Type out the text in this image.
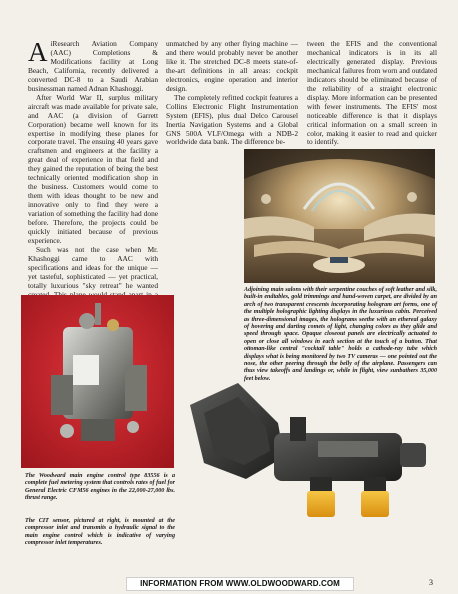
AiResearch Aviation Company (AAC) Completions & Modifications facility at Long Beach, California, recently delivered a converted DC-8 to a Saudi Arabian businessman named Adnan Khashoggi.

After World War II, surplus military aircraft was made available for private sale, and AAC (a division of Garrett Corporation) became well known for its expertise in modifying these planes for corporate travel. The ensuing 40 years gave craftsmen and engineers at the facility a great deal of experience in that field and they gained the reputation of being the best technically oriented modification shop in the business. Customers would come to them with ideas thought to be new and innovative only to find they were a variation of something the facility had done before. Therefore, the projects could be quickly initiated because of previous experience.

Such was not the case when Mr. Khashoggi came to AAC with specifications and ideas for the unique — yet tasteful, sophisticated — yet practical, totally luxurious "sky retreat" he wanted

unmatched by any other flying machine — and there would probably never be another like it. The stretched DC-8 meets state-of-the-art definitions in all areas: cockpit electronics, engine operation and interior design.

The completely refitted cockpit features a Collins Electronic Flight Instrumentation System (EFIS), plus dual Delco Carousel Inertia Navigation Systems and a Global GNS 500A VLF/Omega with a NDB-2 worldwide data bank. The difference be-

tween the EFIS and the conventional mechanical indicators is in its all electrically generated display. Previous mechanical failures from worn and outdated indicators should be eliminated because of the reliability of a straight electronic display. More information can be presented with fewer instruments. The EFIS' most noticeable difference is that it displays critical information on a small screen in color, making it easier to read and quicker to identify.

Adjoining main salons with their serpentine couches of soft leather and silk, built-in endtables, gold trimmings and hand-woven carpet, are divided by an arch of two transparent crescents incorporating hologram art forms, one of the multiple holographic lighting displays in the luxurious cabin. Perceived as three-dimensional images, the holograms seethe with an ethereal galaxy of hovering and darting comets of light, changing colors as they glide and speed through space. Opaque closeout panels are electrically actuated to open or close all windows in each section at the touch of a button. That ottoman-like central "cocktail table" holds a cathode-ray tube which displays what is being monitored by two TV cameras — one pointed out the nose, the other peering through the belly of the airplane. Passengers can thus view takeoffs and landings or, while in flight, view sunbathers 35,000 feet below.
The Woodward main engine control type 83556 is a complete fuel metering system that controls rates of fuel for General Electric CFM56 engines in the 22,000-27,000 lbs. thrust range.
The CIT sensor, pictured at right, is mounted at the compressor inlet and transmits a hydraulic signal to the main engine control which is indicative of varying compressor inlet temperatures.
INFORMATION FROM WWW.OLDWOODWARD.COM	3
